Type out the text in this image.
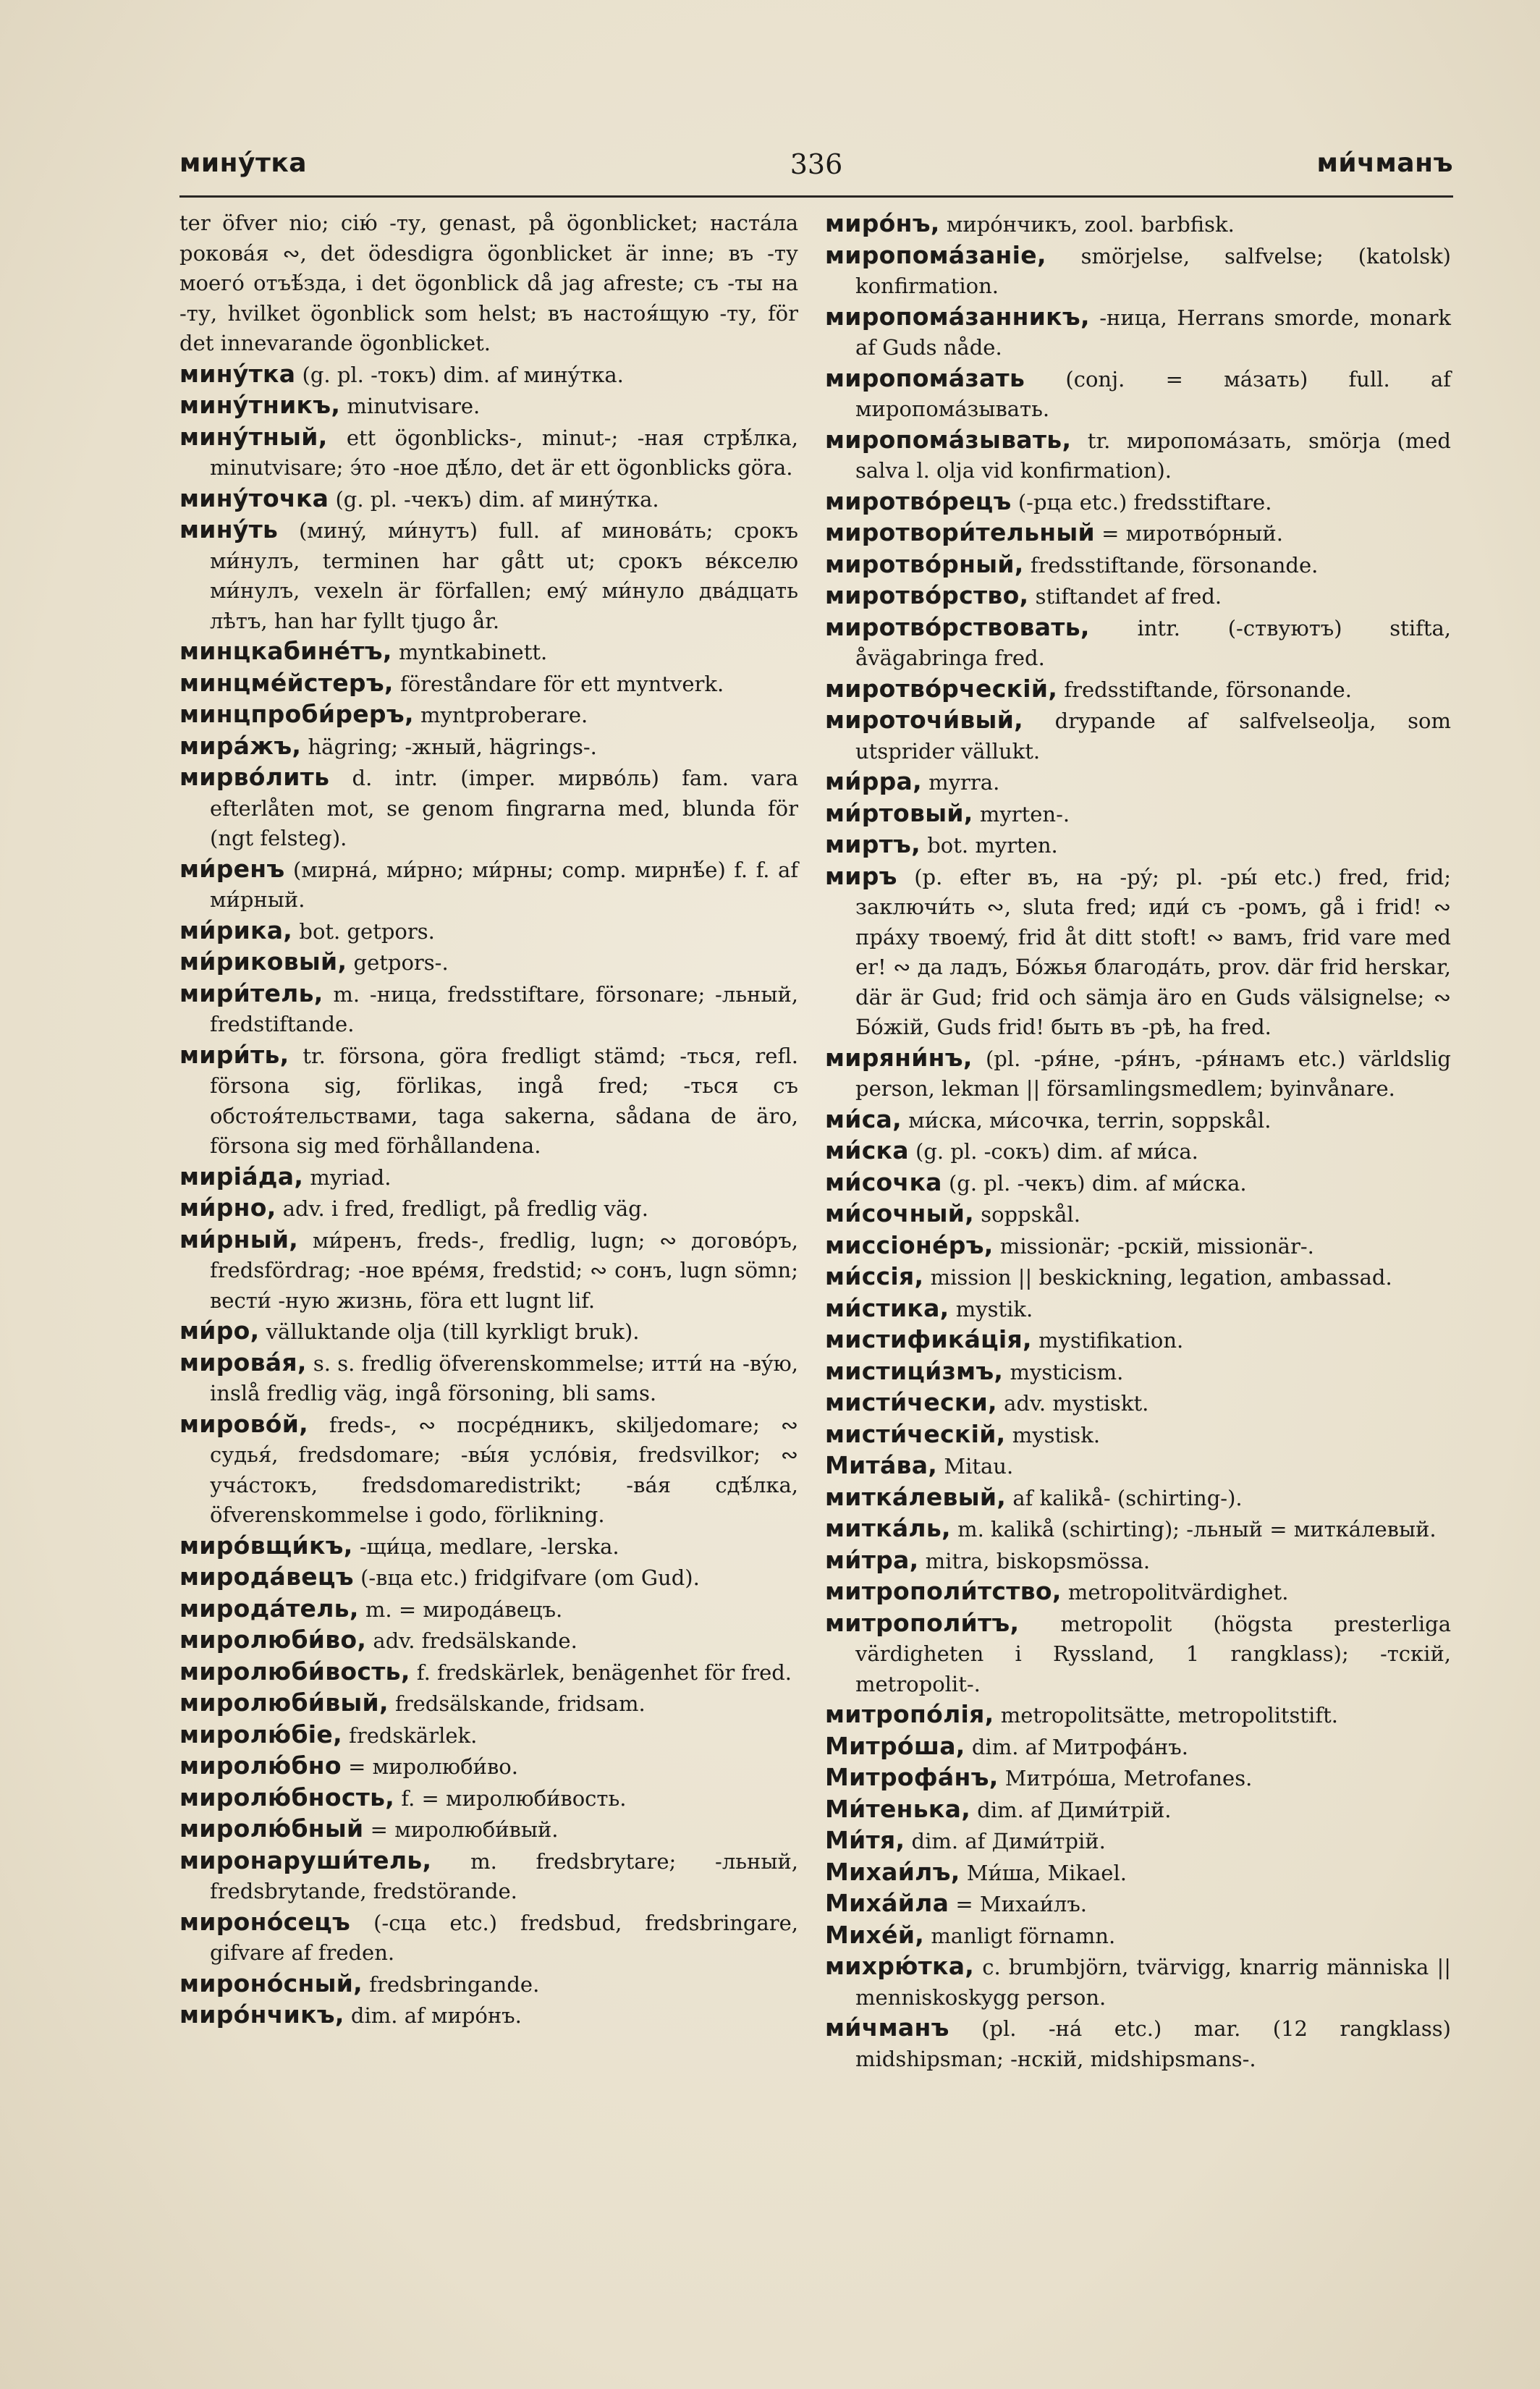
минýтка	336	ми́чманъ

ter öfver nio; сію́ -ту, genast, på ögonblicket; настáла роковáя ∾, det ödesdigra ögonblicket är inne; въ -ту моегó отъѣ́зда, i det ögonblick då jag afreste; съ -ты на -ту, hvilket ögonblick som helst; въ настоя́щую -ту, för det innevarande ögonblicket.

минýтка (g. pl. -токъ) dim. af минýтка.

минýтникъ, minutvisare.

минýтный, ett ögonblicks-, minut-; -ная стрѣ́лка, minutvisare; э́то -ное дѣ́ло, det är ett ögonblicks göra.

минýточка (g. pl. -чекъ) dim. af минýтка.

минýть (минý, ми́нутъ) full. af миновáть; срокъ ми́нулъ, terminen har gått ut; срокъ вéкселю ми́нулъ, vexeln är förfallen; емý ми́нуло двáдцать лѣтъ, han har fyllt tjugo år.

минцкабинéтъ, myntkabinett.

минцмéйстеръ, föreståndare för ett myntverk.

минцпроби́реръ, myntproberare.

мирáжъ, hägring; -жный, hägrings-.

мирвóлить d. intr. (imper. мирвóль) fam. vara efterlåten mot, se genom fingrarna med, blunda för (ngt felsteg).

ми́ренъ (мирнá, ми́рно; ми́рны; comp. мирнѣ́е) f. f. af ми́рный.

ми́рика, bot. getpors.

ми́риковый, getpors-.

мири́тель, m. -ница, fredsstiftare, försonare; -льный, fredstiftande.

мири́ть, tr. försona, göra fredligt stämd; -ться, refl. försona sig, förlikas, ingå fred; -ться съ обстоя́тельствами, taga sakerna, sådana de äro, försona sig med förhållandena.

миріáда, myriad.

ми́рно, adv. i fred, fredligt, på fredlig väg.

ми́рный, ми́ренъ, freds-, fredlig, lugn; ∾ договóръ, fredsfördrag; -ное врéмя, fredstid; ∾ сонъ, lugn sömn; вести́ -ную жизнь, föra ett lugnt lif.

ми́ро, välluktande olja (till kyrkligt bruk).

мировáя, s. s. fredlig öfverenskommelse; итти́ на -вýю, inslå fredlig väg, ingå försoning, bli sams.

мировóй, freds-, ∾ посрéдникъ, skiljedomare; ∾ судья́, fredsdomare; -вы́я услóвія, fredsvilkor; ∾ учáстокъ, fredsdomaredistrikt; -вáя сдѣ́лка, öfverenskommelse i godo, förlikning.

миро́вщи́къ, -щи́ца, medlare, -lerska.

миродáвецъ (-вца etc.) fridgifvare (om Gud).

миродáтель, m. = миродáвецъ.

миролюби́во, adv. fredsälskande.

миролюби́вость, f. fredskärlek, benägenhet för fred.

миролюби́вый, fredsälskande, fridsam.

миролю́біе, fredskärlek.

миролю́бно = миролюби́во.

миролю́бность, f. = миролюби́вость.

миролю́бный = миролюби́вый.

миронаруши́тель, m. fredsbrytare; -льный, fredsbrytande, fredstörande.

миронóсецъ (-сца etc.) fredsbud, fredsbringare, gifvare af freden.

миронóсный, fredsbringande.

мирóнчикъ, dim. af мирóнъ.

мирóнъ, мирóнчикъ, zool. barbfisk.

миропомáзаніе, smörjelse, salfvelse; (katolsk) konfirmation.

миропомáзанникъ, -ница, Herrans smorde, monark af Guds nåde.

миропомáзать (conj. = мáзать) full. af миропомáзывать.

миропомáзывать, tr. миропомáзать, smörja (med salva l. olja vid konfirmation).

миротвóрецъ (-рца etc.) fredsstiftare.

миротвори́тельный = миротвóрный.

миротвóрный, fredsstiftande, försonande.

миротвóрство, stiftandet af fred.

миротвóрствовать, intr. (-ствуютъ) stifta, åvägabringa fred.

миротвóрческій, fredsstiftande, försonande.

мироточи́вый, drypande af salfvelseolja, som utsprider vällukt.

ми́рра, myrra.

ми́ртовый, myrten-.

миртъ, bot. myrten.

миръ (p. efter въ, на -рý; pl. -ры́ etc.) fred, frid; заключи́ть ∾, sluta fred; иди́ съ -ромъ, gå i frid! ∾ прáху твоемý, frid åt ditt stoft! ∾ вамъ, frid vare med er! ∾ да ладъ, Бóжья благодáть, prov. där frid herskar, där är Gud; frid och sämja äro en Guds välsignelse; ∾ Бóжій, Guds frid! быть въ -рѣ, ha fred.

миряни́нъ, (pl. -ря́не, -ря́нъ, -ря́намъ etc.) världslig person, lekman || församlingsmedlem; byinvånare.

ми́са, ми́ска, ми́сочка, terrin, soppskål.

ми́ска (g. pl. -сокъ) dim. af ми́са.

ми́сочка (g. pl. -чекъ) dim. af ми́ска.

ми́сочный, soppskål.

миссіонéръ, missionär; -рскій, missionär-.

ми́ссія, mission || beskickning, legation, ambassad.

ми́стика, mystik.

мистификáція, mystifikation.

мистици́змъ, mysticism.

мисти́чески, adv. mystiskt.

мисти́ческій, mystisk.

Митáва, Mitau.

миткáлевый, af kalikå- (schirting-).

миткáль, m. kalikå (schirting); -льный = миткáлевый.

ми́тра, mitra, biskopsmössa.

митрополи́тство, metropolitvärdighet.

митрополи́тъ, metropolit (högsta presterliga värdigheten i Ryssland, 1 rangklass); -тскій, metropolit-.

митропóлія, metropolitsätte, metropolitstift.

Митрóша, dim. af Митрофáнъ.

Митрофáнъ, Митрóша, Metrofanes.

Ми́тенька, dim. af Дими́трій.

Ми́тя, dim. af Дими́трій.

Михаи́лъ, Ми́ша, Mikael.

Михáйла = Михаи́лъ.

Михéй, manligt förnamn.

михрю́тка, c. brumbjörn, tvärvigg, knarrig människa || menniskoskygg person.

ми́чманъ (pl. -нá etc.) mar. (12 rangklass) midshipsman; -нскій, midshipsmans-.
